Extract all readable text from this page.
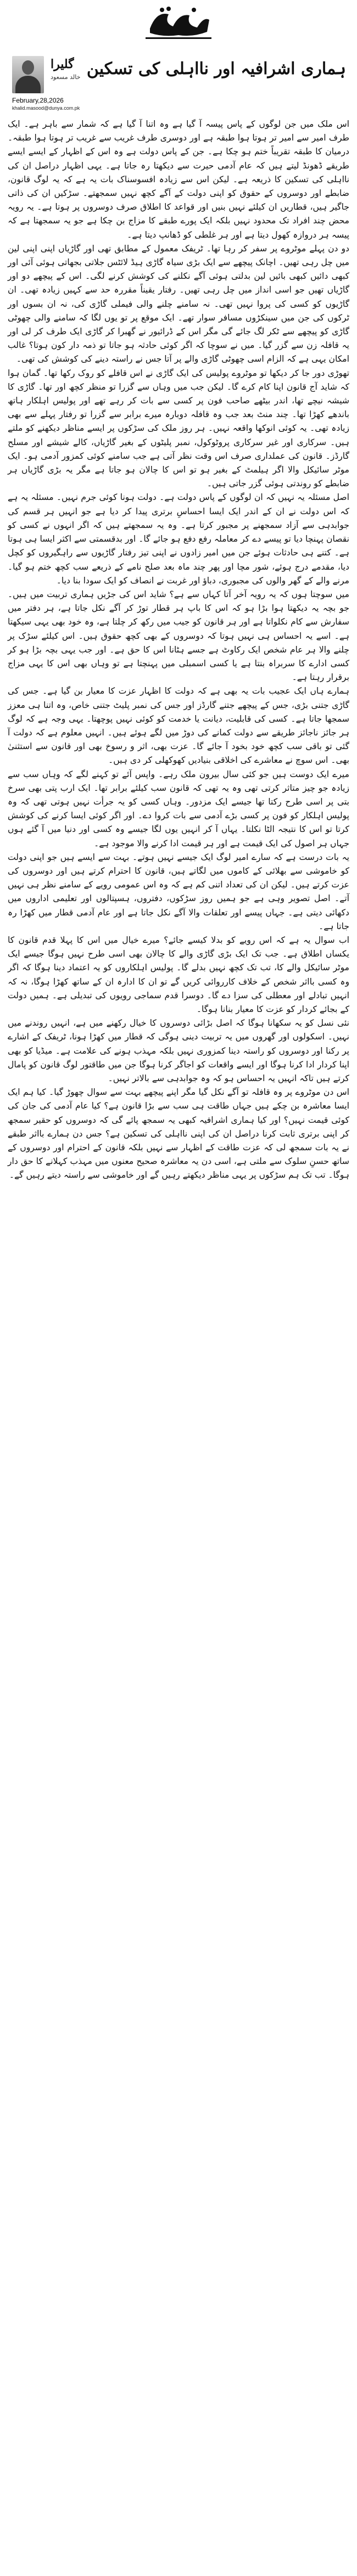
گلیرا
خالد مسعود ہماری اشرافیہ اور نااہلی کی تسکین
February,28,2026
khalid.masood@dunya.com.pk

اس ملک میں جن لوگوں کے پاس پیسہ آ گیا ہے وہ اتنا آ گیا ہے کہ شمار سے باہر ہے۔ ایک طرف امیر سے امیر تر ہوتا ہوا طبقہ ہے اور دوسری طرف غریب سے غریب تر ہوتا ہوا طبقہ۔ درمیان کا طبقہ تقریباً ختم ہو چکا ہے۔ جن کے پاس دولت ہے وہ اس کے اظہار کے ایسے ایسے طریقے ڈھونڈ لیتے ہیں کہ عام آدمی حیرت سے دیکھتا رہ جاتا ہے۔ یہی اظہار دراصل ان کی نااہلی کی تسکین کا ذریعہ ہے۔ لیکن اس سے زیادہ افسوسناک بات یہ ہے کہ یہ لوگ قانون، ضابطے اور دوسروں کے حقوق کو اپنی دولت کے آگے کچھ نہیں سمجھتے۔ سڑکیں ان کی ذاتی جاگیر ہیں، قطاریں ان کیلئے نہیں بنیں اور قواعد کا اطلاق صرف دوسروں پر ہوتا ہے۔ یہ رویہ محض چند افراد تک محدود نہیں بلکہ ایک پورے طبقے کا مزاج بن چکا ہے جو یہ سمجھتا ہے کہ پیسہ ہر دروازہ کھول دیتا ہے اور ہر غلطی کو ڈھانپ دیتا ہے۔

دو دن پہلے موٹروے پر سفر کر رہا تھا۔ ٹریفک معمول کے مطابق تھی اور گاڑیاں اپنی اپنی لین میں چل رہی تھیں۔ اچانک پیچھے سے ایک بڑی سیاہ گاڑی ہیڈ لائٹس جلاتی بجھاتی ہوئی آئی اور کبھی دائیں کبھی بائیں لین بدلتی ہوئی آگے نکلنے کی کوشش کرنے لگی۔ اس کے پیچھے دو اور گاڑیاں تھیں جو اسی انداز میں چل رہی تھیں۔ رفتار یقیناً مقررہ حد سے کہیں زیادہ تھی۔ ان گاڑیوں کو کسی کی پروا نہیں تھی۔ نہ سامنے چلنے والی فیملی گاڑی کی، نہ ان بسوں اور ٹرکوں کی جن میں سینکڑوں مسافر سوار تھے۔ ایک موقع پر تو یوں لگا کہ سامنے والی چھوٹی گاڑی کو پیچھے سے ٹکر لگ جائے گی مگر اس کے ڈرائیور نے گھبرا کر گاڑی ایک طرف کر لی اور یہ قافلہ زن سے گزر گیا۔ میں نے سوچا کہ اگر کوئی حادثہ ہو جاتا تو ذمہ دار کون ہوتا؟ غالب امکان یہی ہے کہ الزام اسی چھوٹی گاڑی والے پر آتا جس نے راستہ دینے کی کوشش کی تھی۔

تھوڑی دور جا کر دیکھا تو موٹروے پولیس کی ایک گاڑی نے اس قافلے کو روک رکھا تھا۔ گمان ہوا کہ شاید آج قانون اپنا کام کرے گا۔ لیکن جب میں وہاں سے گزرا تو منظر کچھ اور تھا۔ گاڑی کا شیشہ نیچے تھا، اندر بیٹھے صاحب فون پر کسی سے بات کر رہے تھے اور پولیس اہلکار ہاتھ باندھے کھڑا تھا۔ چند منٹ بعد جب وہ قافلہ دوبارہ میرے برابر سے گزرا تو رفتار پہلے سے بھی زیادہ تھی۔ یہ کوئی انوکھا واقعہ نہیں۔ ہر روز ملک کی سڑکوں پر ایسے مناظر دیکھنے کو ملتے ہیں۔ سرکاری اور غیر سرکاری پروٹوکول، نمبر پلیٹوں کے بغیر گاڑیاں، کالے شیشے اور مسلح گارڈز۔ قانون کی عملداری صرف اس وقت نظر آتی ہے جب سامنے کوئی کمزور آدمی ہو۔ ایک موٹر سائیکل والا اگر ہیلمٹ کے بغیر ہو تو اس کا چالان ہو جاتا ہے مگر یہ بڑی گاڑیاں ہر ضابطے کو روندتی ہوئی گزر جاتی ہیں۔

اصل مسئلہ یہ نہیں کہ ان لوگوں کے پاس دولت ہے۔ دولت ہونا کوئی جرم نہیں۔ مسئلہ یہ ہے کہ اس دولت نے ان کے اندر ایک ایسا احساسِ برتری پیدا کر دیا ہے جو انہیں ہر قسم کی جوابدہی سے آزاد سمجھنے پر مجبور کرتا ہے۔ وہ یہ سمجھتے ہیں کہ اگر انہوں نے کسی کو نقصان پہنچا دیا تو پیسے دے کر معاملہ رفع دفع ہو جائے گا۔ اور بدقسمتی سے اکثر ایسا ہی ہوتا ہے۔ کتنے ہی حادثات ہوئے جن میں امیر زادوں نے اپنی تیز رفتار گاڑیوں سے راہگیروں کو کچل دیا، مقدمے درج ہوئے، شور مچا اور پھر چند ماہ بعد صلح نامے کے ذریعے سب کچھ ختم ہو گیا۔ مرنے والے کے گھر والوں کی مجبوری، دباؤ اور غربت نے انصاف کو ایک سودا بنا دیا۔

میں سوچتا ہوں کہ یہ رویہ آخر آتا کہاں سے ہے؟ شاید اس کی جڑیں ہماری تربیت میں ہیں۔ جو بچہ یہ دیکھتا ہوا بڑا ہو کہ اس کا باپ ہر قطار توڑ کر آگے نکل جاتا ہے، ہر دفتر میں سفارش سے کام نکلواتا ہے اور ہر قانون کو جیب میں رکھ کر چلتا ہے، وہ خود بھی یہی سیکھتا ہے۔ اسے یہ احساس ہی نہیں ہوتا کہ دوسروں کے بھی کچھ حقوق ہیں۔ اس کیلئے سڑک پر چلنے والا ہر عام شخص ایک رکاوٹ ہے جسے ہٹانا اس کا حق ہے۔ اور جب یہی بچہ بڑا ہو کر کسی ادارے کا سربراہ بنتا ہے یا کسی اسمبلی میں پہنچتا ہے تو وہاں بھی اس کا یہی مزاج برقرار رہتا ہے۔

ہمارے ہاں ایک عجیب بات یہ بھی ہے کہ دولت کا اظہار عزت کا معیار بن گیا ہے۔ جس کی گاڑی جتنی بڑی، جس کے پیچھے جتنے گارڈز اور جس کی نمبر پلیٹ جتنی خاص، وہ اتنا ہی معزز سمجھا جاتا ہے۔ کسی کی قابلیت، دیانت یا خدمت کو کوئی نہیں پوچھتا۔ یہی وجہ ہے کہ لوگ ہر جائز ناجائز طریقے سے دولت کمانے کی دوڑ میں لگے ہوئے ہیں۔ انہیں معلوم ہے کہ دولت آ گئی تو باقی سب کچھ خود بخود آ جائے گا۔ عزت بھی، اثر و رسوخ بھی اور قانون سے استثنیٰ بھی۔ اس سوچ نے معاشرے کی اخلاقی بنیادیں کھوکھلی کر دی ہیں۔

میرے ایک دوست ہیں جو کئی سال بیرون ملک رہے۔ واپس آئے تو کہنے لگے کہ وہاں سب سے زیادہ جو چیز متاثر کرتی تھی وہ یہ تھی کہ قانون سب کیلئے برابر تھا۔ ایک ارب پتی بھی سرخ بتی پر اسی طرح رکتا تھا جیسے ایک مزدور۔ وہاں کسی کو یہ جرأت نہیں ہوتی تھی کہ وہ پولیس اہلکار کو فون پر کسی بڑے آدمی سے بات کروا دے۔ اور اگر کوئی ایسا کرنے کی کوشش کرتا تو اس کا نتیجہ الٹا نکلتا۔ یہاں آ کر انہیں یوں لگا جیسے وہ کسی اور دنیا میں آ گئے ہوں جہاں ہر اصول کی ایک قیمت ہے اور ہر قیمت ادا کرنے والا موجود ہے۔

یہ بات درست ہے کہ سارے امیر لوگ ایک جیسے نہیں ہوتے۔ بہت سے ایسے ہیں جو اپنی دولت کو خاموشی سے بھلائی کے کاموں میں لگاتے ہیں، قانون کا احترام کرتے ہیں اور دوسروں کی عزت کرتے ہیں۔ لیکن ان کی تعداد اتنی کم ہے کہ وہ اس عمومی رویے کے سامنے نظر ہی نہیں آتے۔ اصل تصویر وہی ہے جو ہمیں روز سڑکوں، دفتروں، ہسپتالوں اور تعلیمی اداروں میں دکھائی دیتی ہے۔ جہاں پیسے اور تعلقات والا آگے نکل جاتا ہے اور عام آدمی قطار میں کھڑا رہ جاتا ہے۔

اب سوال یہ ہے کہ اس رویے کو بدلا کیسے جائے؟ میرے خیال میں اس کا پہلا قدم قانون کا یکساں اطلاق ہے۔ جب تک ایک بڑی گاڑی والے کا چالان بھی اسی طرح نہیں ہوگا جیسے ایک موٹر سائیکل والے کا، تب تک کچھ نہیں بدلے گا۔ پولیس اہلکاروں کو یہ اعتماد دینا ہوگا کہ اگر وہ کسی بااثر شخص کے خلاف کارروائی کریں گے تو ان کا ادارہ ان کے ساتھ کھڑا ہوگا، نہ کہ انہیں تبادلے اور معطلی کی سزا دے گا۔ دوسرا قدم سماجی رویوں کی تبدیلی ہے۔ ہمیں دولت کے بجائے کردار کو عزت کا معیار بنانا ہوگا۔

نئی نسل کو یہ سکھانا ہوگا کہ اصل بڑائی دوسروں کا خیال رکھنے میں ہے، انہیں روندنے میں نہیں۔ اسکولوں اور گھروں میں یہ تربیت دینی ہوگی کہ قطار میں کھڑا ہونا، ٹریفک کے اشارے پر رکنا اور دوسروں کو راستہ دینا کمزوری نہیں بلکہ مہذب ہونے کی علامت ہے۔ میڈیا کو بھی اپنا کردار ادا کرنا ہوگا اور ایسے واقعات کو اجاگر کرنا ہوگا جن میں طاقتور لوگ قانون کو پامال کرتے ہیں تاکہ انہیں یہ احساس ہو کہ وہ جوابدہی سے بالاتر نہیں۔

اس دن موٹروے پر وہ قافلہ تو آگے نکل گیا مگر اپنے پیچھے بہت سے سوال چھوڑ گیا۔ کیا ہم ایک ایسا معاشرہ بن چکے ہیں جہاں طاقت ہی سب سے بڑا قانون ہے؟ کیا عام آدمی کی جان کی کوئی قیمت نہیں؟ اور کیا ہماری اشرافیہ کبھی یہ سمجھ پائے گی کہ دوسروں کو حقیر سمجھ کر اپنی برتری ثابت کرنا دراصل ان کی اپنی نااہلی کی تسکین ہے؟ جس دن ہمارے بااثر طبقے نے یہ بات سمجھ لی کہ عزت طاقت کے اظہار سے نہیں بلکہ قانون کے احترام اور دوسروں کے ساتھ حسنِ سلوک سے ملتی ہے، اسی دن یہ معاشرہ صحیح معنوں میں مہذب کہلانے کا حق دار ہوگا۔ تب تک ہم سڑکوں پر یہی مناظر دیکھتے رہیں گے اور خاموشی سے راستہ دیتے رہیں گے۔
